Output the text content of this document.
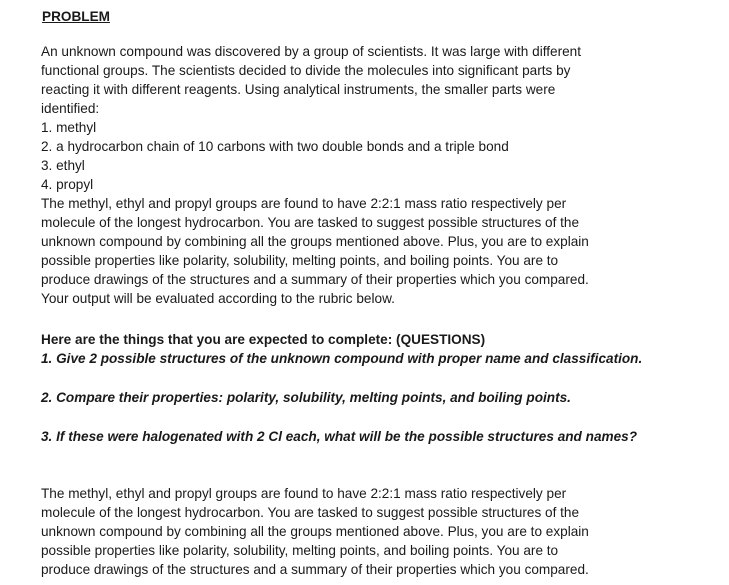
PROBLEM

An unknown compound was discovered by a group of scientists. It was large with different
functional groups. The scientists decided to divide the molecules into significant parts by
reacting it with different reagents. Using analytical instruments, the smaller parts were
identified:
1. methyl
2. a hydrocarbon chain of 10 carbons with two double bonds and a triple bond
3. ethyl
4. propyl
The methyl, ethyl and propyl groups are found to have 2:2:1 mass ratio respectively per
molecule of the longest hydrocarbon. You are tasked to suggest possible structures of the
unknown compound by combining all the groups mentioned above. Plus, you are to explain
possible properties like polarity, solubility, melting points, and boiling points. You are to
produce drawings of the structures and a summary of their properties which you compared.
Your output will be evaluated according to the rubric below.
Here are the things that you are expected to complete: (QUESTIONS)
1. Give 2 possible structures of the unknown compound with proper name and classification.
2. Compare their properties: polarity, solubility, melting points, and boiling points.
3. If these were halogenated with 2 Cl each, what will be the possible structures and names?
The methyl, ethyl and propyl groups are found to have 2:2:1 mass ratio respectively per
molecule of the longest hydrocarbon. You are tasked to suggest possible structures of the
unknown compound by combining all the groups mentioned above. Plus, you are to explain
possible properties like polarity, solubility, melting points, and boiling points. You are to
produce drawings of the structures and a summary of their properties which you compared.
